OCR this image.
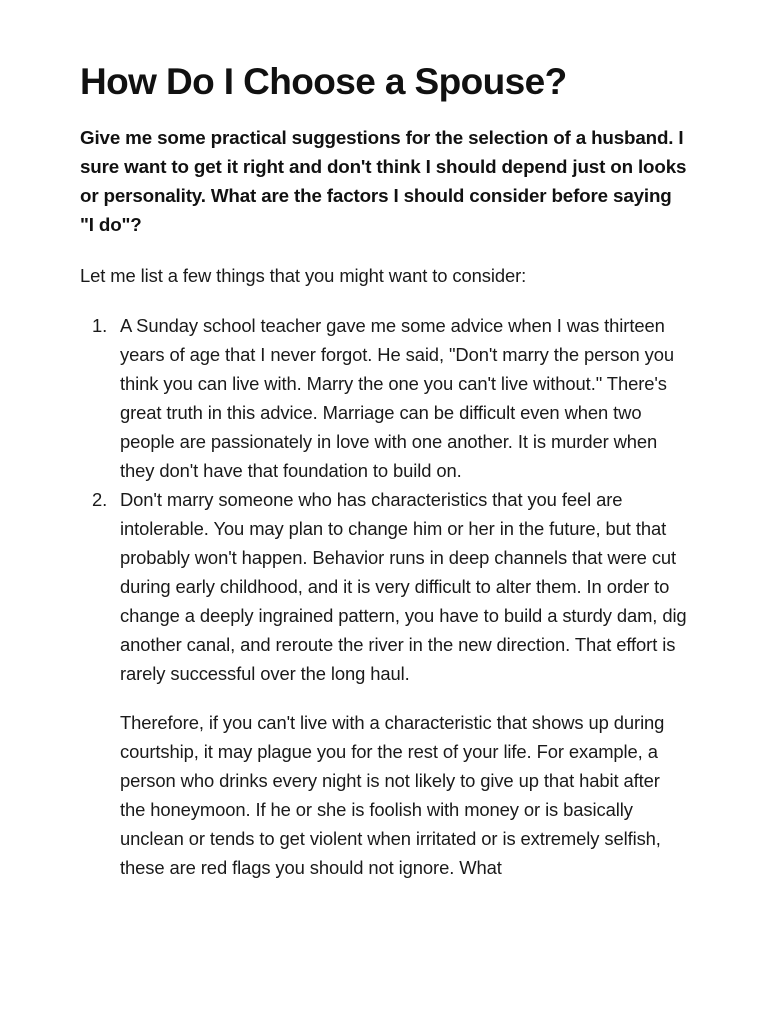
How Do I Choose a Spouse?

Give me some practical suggestions for the selection of a husband. I sure want to get it right and don't think I should depend just on looks or personality. What are the factors I should consider before saying "I do"?

Let me list a few things that you might want to consider:

1. A Sunday school teacher gave me some advice when I was thirteen years of age that I never forgot. He said, "Don't marry the person you think you can live with. Marry the one you can't live without." There's great truth in this advice. Marriage can be difficult even when two people are passionately in love with one another. It is murder when they don't have that foundation to build on.

2. Don't marry someone who has characteristics that you feel are intolerable. You may plan to change him or her in the future, but that probably won't happen. Behavior runs in deep channels that were cut during early childhood, and it is very difficult to alter them. In order to change a deeply ingrained pattern, you have to build a sturdy dam, dig another canal, and reroute the river in the new direction. That effort is rarely successful over the long haul.

Therefore, if you can't live with a characteristic that shows up during courtship, it may plague you for the rest of your life. For example, a person who drinks every night is not likely to give up that habit after the honeymoon. If he or she is foolish with money or is basically unclean or tends to get violent when irritated or is extremely selfish, these are red flags you should not ignore. What
